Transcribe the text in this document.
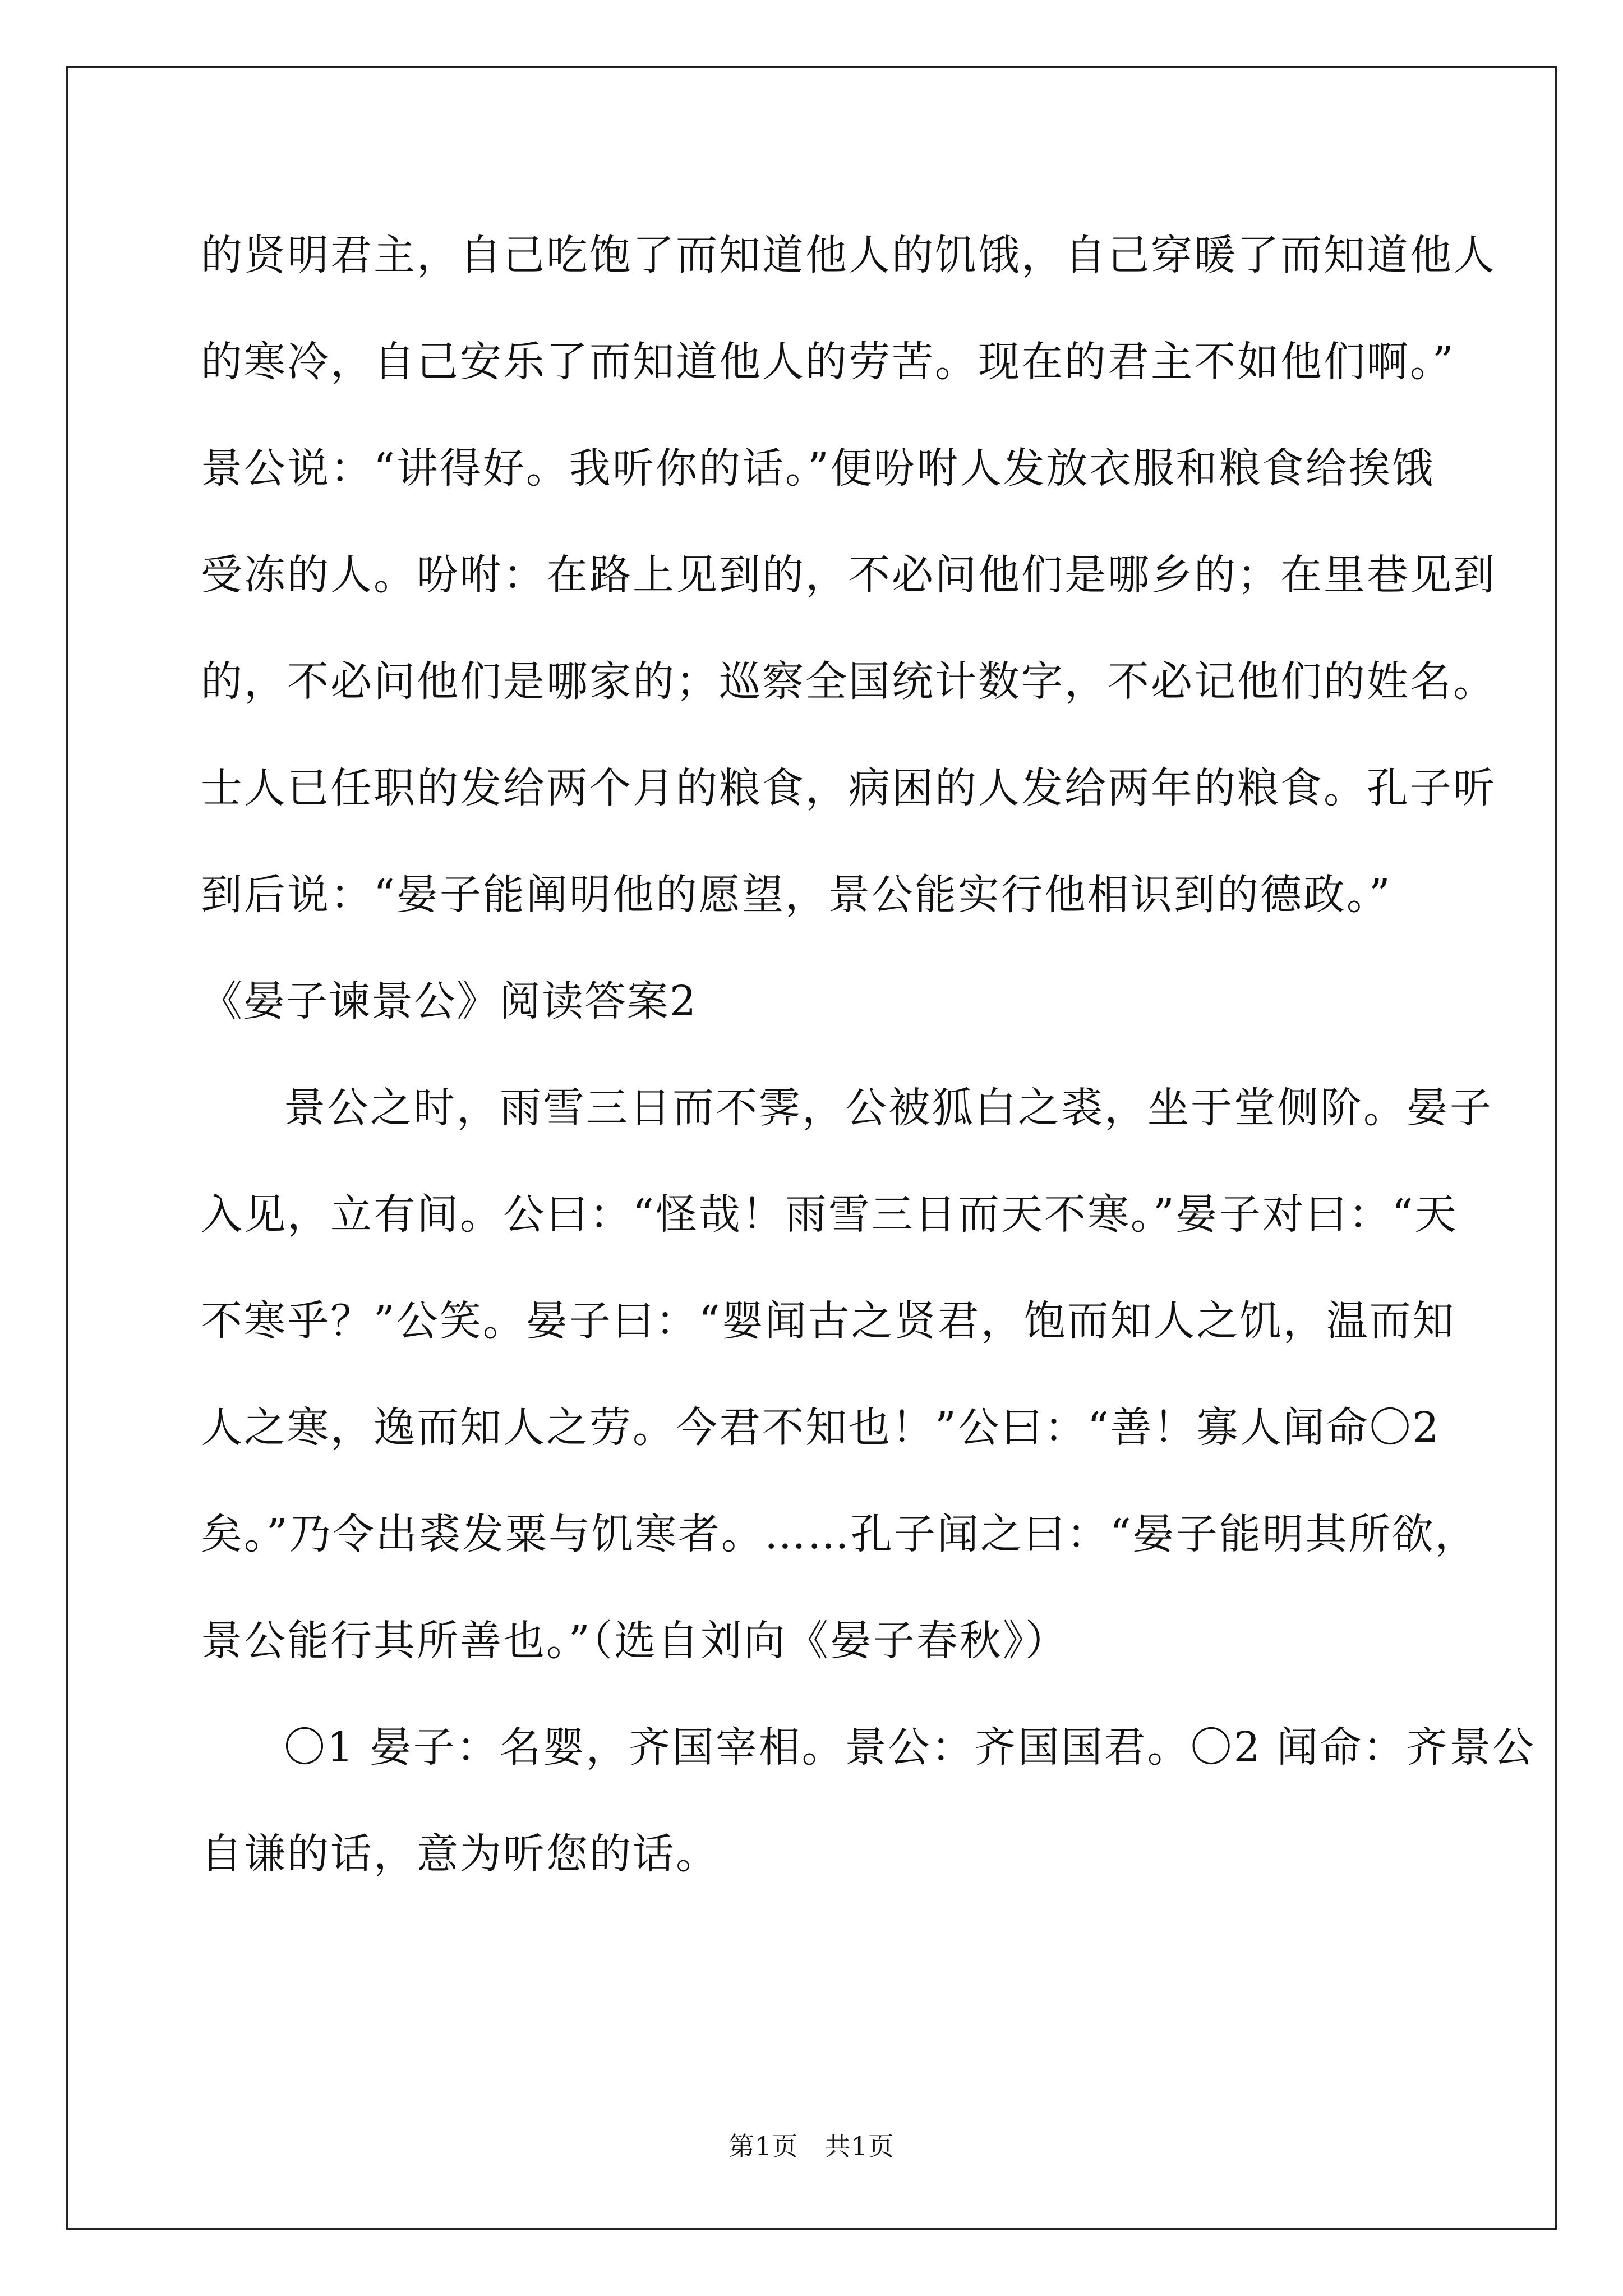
的贤明君主，自己吃饱了而知道他人的饥饿，自己穿暖了而知道他人
的寒冷，自己安乐了而知道他人的劳苦。现在的君主不如他们啊。”
景公说：“讲得好。我听你的话。”便吩咐人发放衣服和粮食给挨饿
受冻的人。吩咐：在路上见到的，不必问他们是哪乡的；在里巷见到
的，不必问他们是哪家的；巡察全国统计数字，不必记他们的姓名。
士人已任职的发给两个月的粮食，病困的人发给两年的粮食。孔子听
到后说：“晏子能阐明他的愿望，景公能实行他相识到的德政。”
《晏子谏景公》阅读答案2
景公之时，雨雪三日而不霁，公被狐白之裘，坐于堂侧阶。晏子
入见，立有间。公曰：“怪哉！雨雪三日而天不寒。”晏子对曰：“天
不寒乎？”公笑。晏子曰：“婴闻古之贤君，饱而知人之饥，温而知
人之寒，逸而知人之劳。今君不知也！”公曰：“善！寡人闻命〇2
矣。”乃令出裘发粟与饥寒者。……孔子闻之曰：“晏子能明其所欲，
景公能行其所善也。”（选自刘向《晏子春秋》）
〇1 晏子：名婴，齐国宰相。景公：齐国国君。〇2 闻命：齐景公
自谦的话，意为听您的话。
第1页　共1页
